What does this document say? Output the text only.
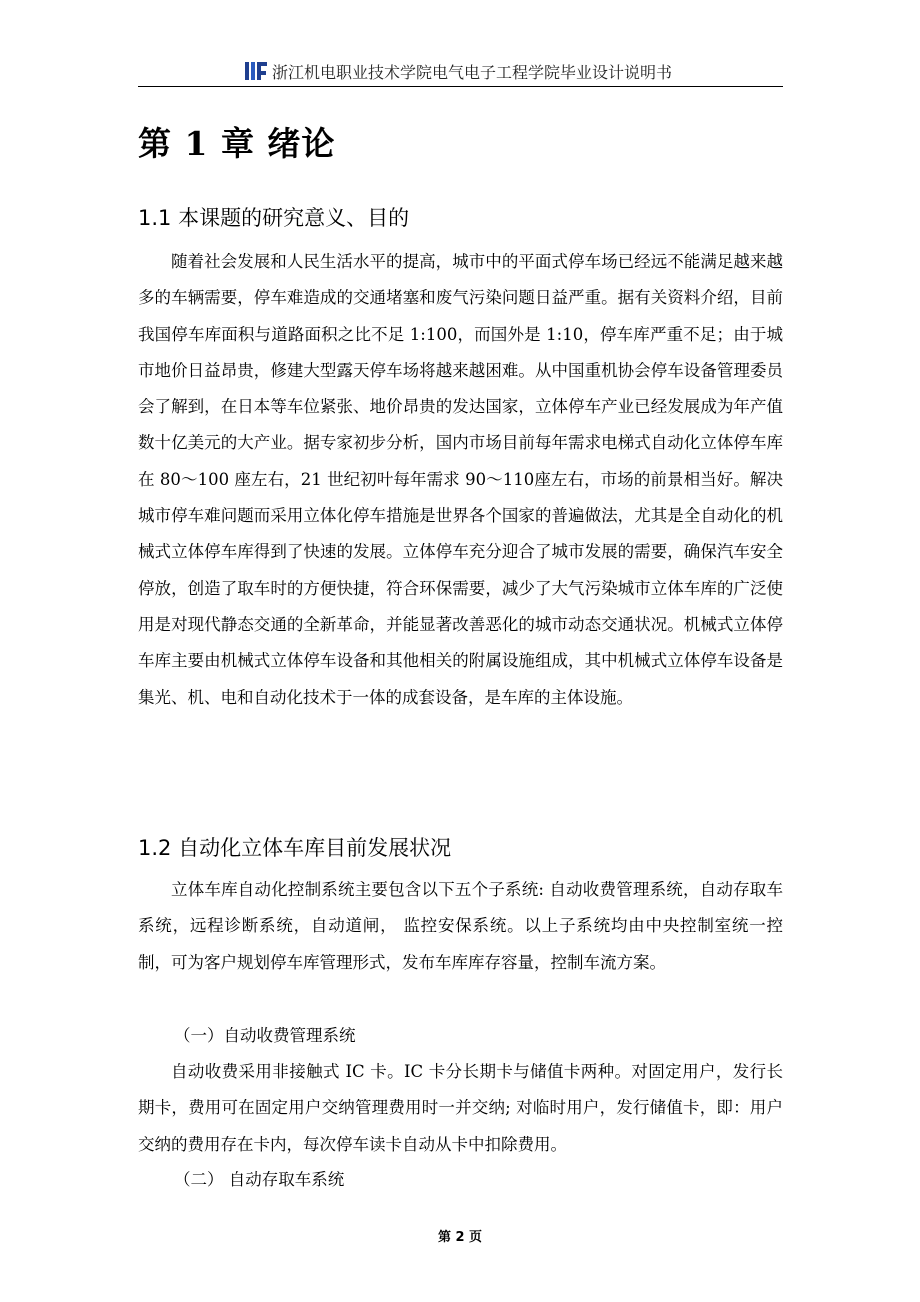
浙江机电职业技术学院电气电子工程学院毕业设计说明书
第 1 章 绪论
1.1 本课题的研究意义、目的

随着社会发展和人民生活水平的提高，城市中的平面式停车场已经远不能满足越来越多的车辆需要，停车难造成的交通堵塞和废气污染问题日益严重。据有关资料介绍，目前我国停车库面积与道路面积之比不足 1:100，而国外是 1:10，停车库严重不足；由于城市地价日益昂贵，修建大型露天停车场将越来越困难。从中国重机协会停车设备管理委员会了解到，在日本等车位紧张、地价昂贵的发达国家，立体停车产业已经发展成为年产值数十亿美元的大产业。据专家初步分析，国内市场目前每年需求电梯式自动化立体停车库在 80～100 座左右，21 世纪初叶每年需求 90～110座左右，市场的前景相当好。解决城市停车难问题而采用立体化停车措施是世界各个国家的普遍做法，尤其是全自动化的机械式立体停车库得到了快速的发展。立体停车充分迎合了城市发展的需要，确保汽车安全停放，创造了取车时的方便快捷，符合环保需要，减少了大气污染城市立体车库的广泛使用是对现代静态交通的全新革命，并能显著改善恶化的城市动态交通状况。机械式立体停车库主要由机械式立体停车设备和其他相关的附属设施组成，其中机械式立体停车设备是集光、机、电和自动化技术于一体的成套设备，是车库的主体设施。

1.2 自动化立体车库目前发展状况

立体车库自动化控制系统主要包含以下五个子系统: 自动收费管理系统，自动存取车系统，远程诊断系统，自动道闸， 监控安保系统。以上子系统均由中央控制室统一控制，可为客户规划停车库管理形式，发布车库库存容量，控制车流方案。

（一）自动收费管理系统

自动收费采用非接触式 IC 卡。IC 卡分长期卡与储值卡两种。对固定用户，发行长期卡，费用可在固定用户交纳管理费用时一并交纳; 对临时用户，发行储值卡，即：用户交纳的费用存在卡内，每次停车读卡自动从卡中扣除费用。

（二） 自动存取车系统

第 2 页
